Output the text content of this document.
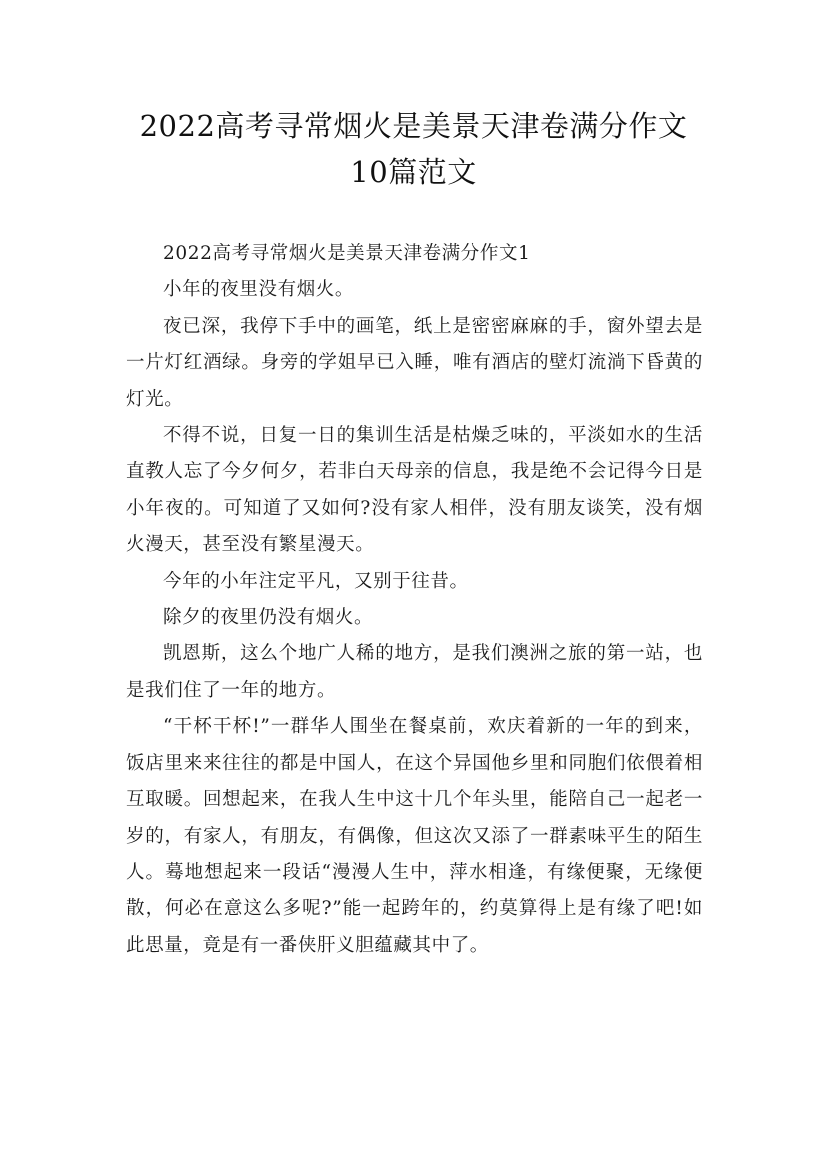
2022高考寻常烟火是美景天津卷满分作文
10篇范文

2022高考寻常烟火是美景天津卷满分作文1

小年的夜里没有烟火。

夜已深，我停下手中的画笔，纸上是密密麻麻的手，窗外望去是一片灯红酒绿。身旁的学姐早已入睡，唯有酒店的壁灯流淌下昏黄的灯光。

不得不说，日复一日的集训生活是枯燥乏味的，平淡如水的生活直教人忘了今夕何夕，若非白天母亲的信息，我是绝不会记得今日是小年夜的。可知道了又如何?没有家人相伴，没有朋友谈笑，没有烟火漫天，甚至没有繁星漫天。

今年的小年注定平凡，又别于往昔。

除夕的夜里仍没有烟火。

凯恩斯，这么个地广人稀的地方，是我们澳洲之旅的第一站，也是我们住了一年的地方。

“干杯干杯!”一群华人围坐在餐桌前，欢庆着新的一年的到来，饭店里来来往往的都是中国人，在这个异国他乡里和同胞们依偎着相互取暖。回想起来，在我人生中这十几个年头里，能陪自己一起老一岁的，有家人，有朋友，有偶像，但这次又添了一群素味平生的陌生人。蓦地想起来一段话“漫漫人生中，萍水相逢，有缘便聚，无缘便散，何必在意这么多呢?”能一起跨年的，约莫算得上是有缘了吧!如此思量，竟是有一番侠肝义胆蕴藏其中了。
